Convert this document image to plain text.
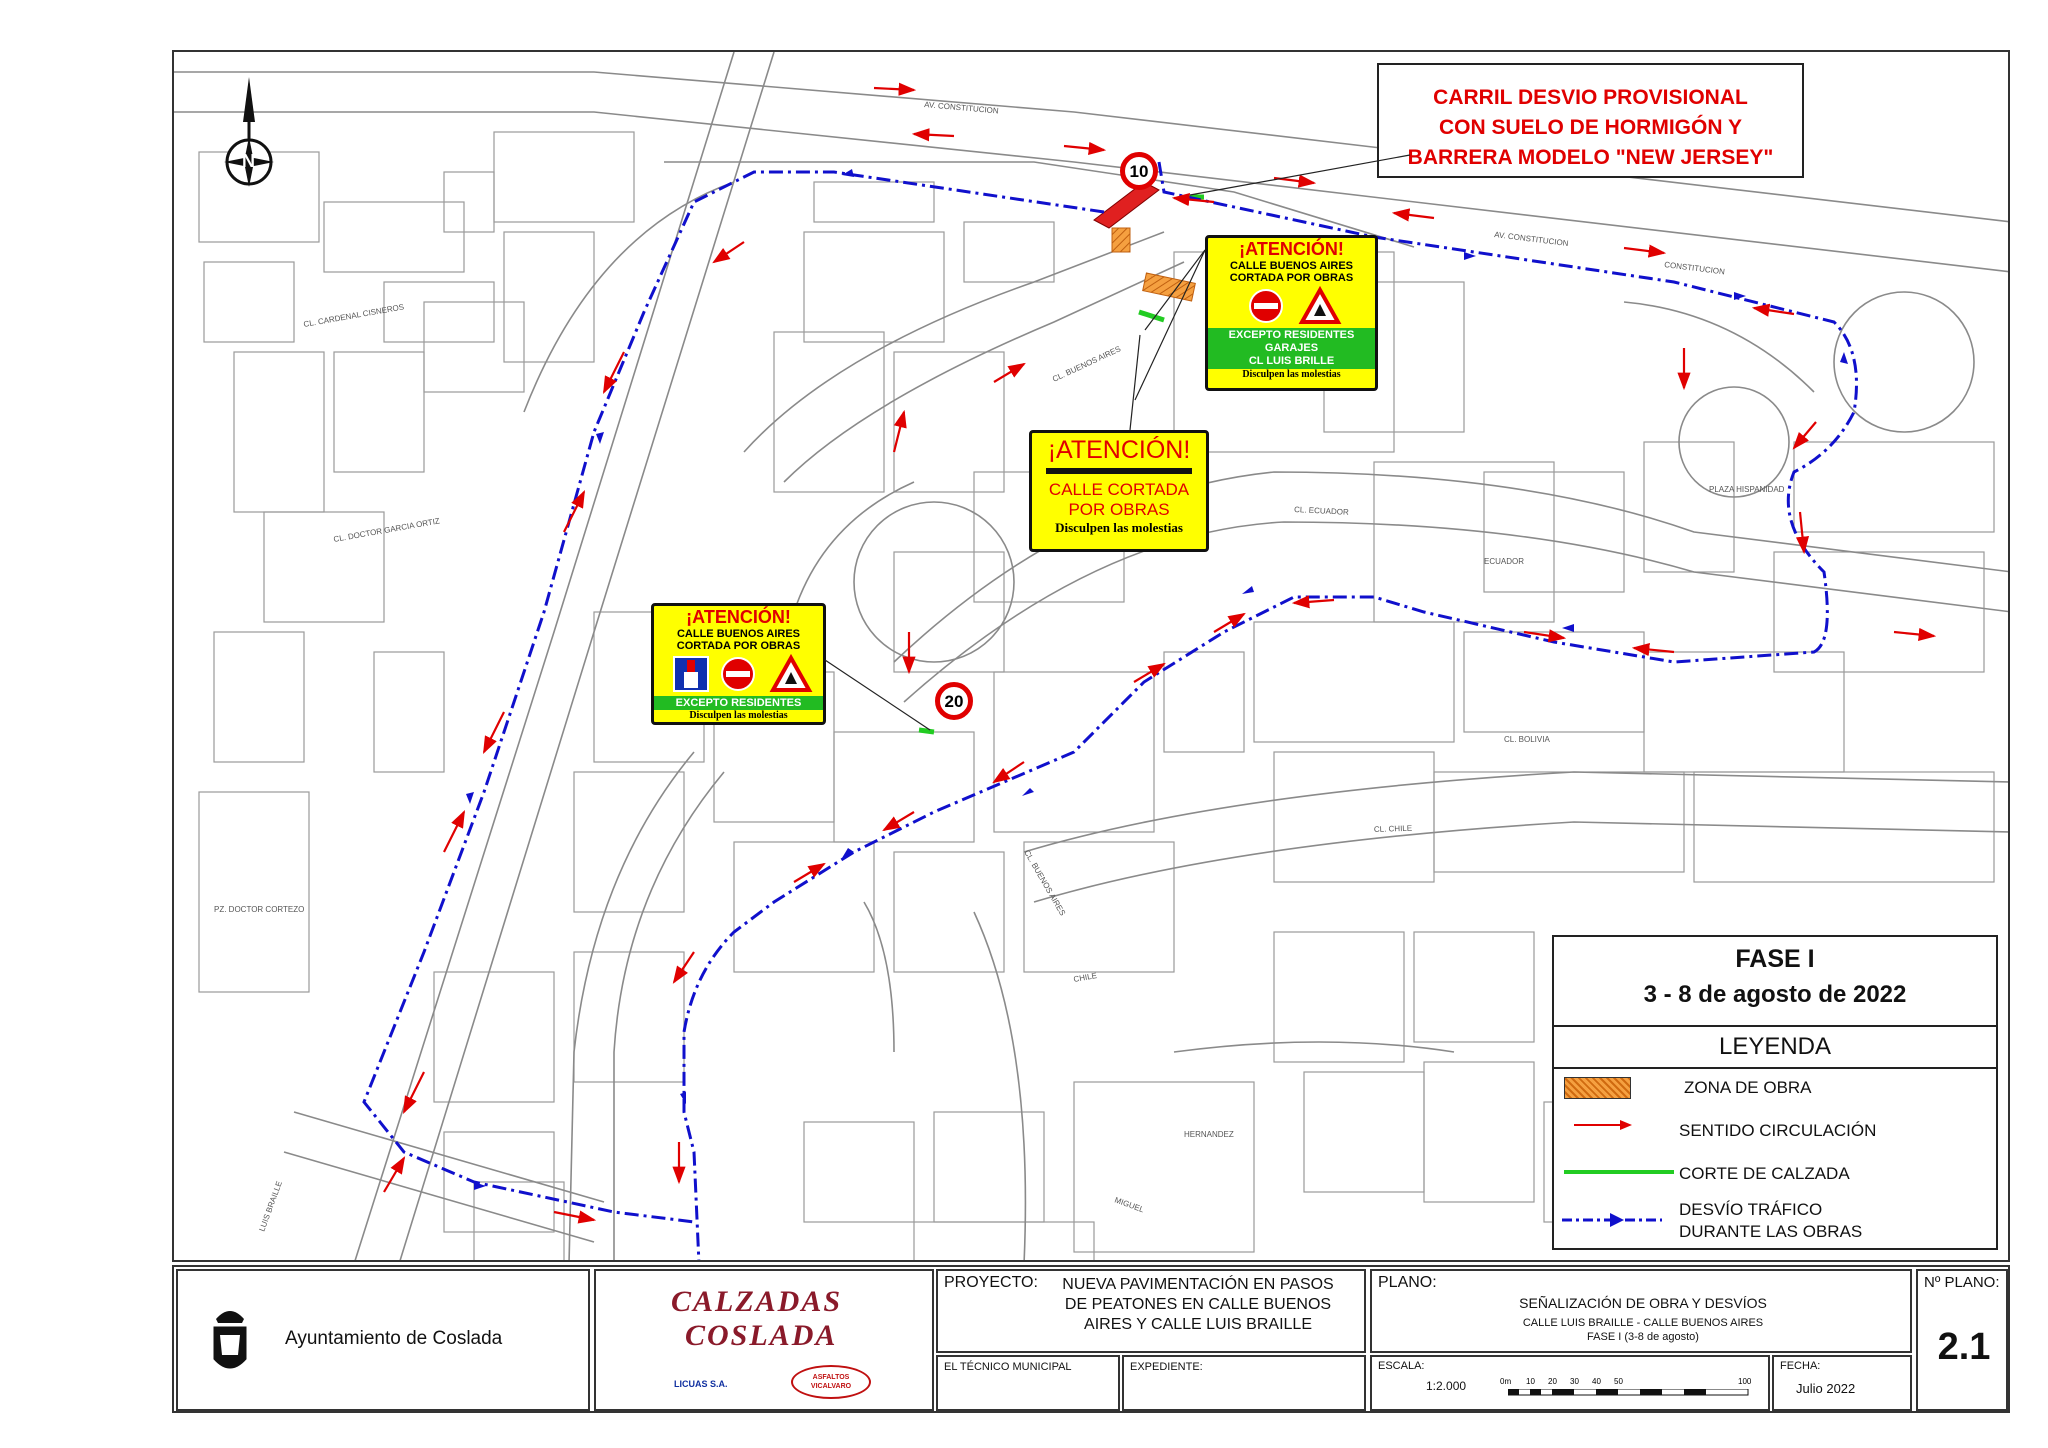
AV. CONSTITUCION
CONSTITUCION
AV. CONSTITUCION
CL. BUENOS AIRES
CL. ECUADOR
ECUADOR
CL. CHILE
CHILE
CL. BOLIVIA
HERNANDEZ
MIGUEL
CL. DOCTOR GARCIA ORTIZ
CL. CARDENAL CISNEROS
PLAZA HISPANIDAD
CL. BUENOS AIRES
PZ. DOCTOR CORTEZO
LUIS BRAILLE
N
CARRIL DESVIO PROVISIONAL
CON SUELO DE HORMIGÓN Y
BARRERA MODELO "NEW JERSEY"
10
20
¡ATENCIÓN!
CALLE BUENOS AIRES
CORTADA POR OBRAS
EXCEPTO RESIDENTES
GARAJES
CL LUIS BRILLE
Disculpen las molestias
¡ATENCIÓN!
CALLE CORTADA
POR OBRAS
Disculpen las molestias
¡ATENCIÓN!
CALLE BUENOS AIRES
CORTADA POR OBRAS
EXCEPTO RESIDENTES
Disculpen las molestias
FASE I
3 - 8 de agosto de 2022
LEYENDA
ZONA DE OBRA
SENTIDO CIRCULACIÓN
CORTE DE CALZADA
DESVÍO TRÁFICO
DURANTE LAS OBRAS
Ayuntamiento de Coslada
CALZADAS
COSLADA
LICUAS S.A.
ASFALTOS VICALVARO
PROYECTO:	NUEVA PAVIMENTACIÓN EN PASOS
DE PEATONES EN CALLE BUENOS
AIRES Y CALLE LUIS BRAILLE
EL TÉCNICO MUNICIPAL	EXPEDIENTE:
PLANO:
SEÑALIZACIÓN DE OBRA Y DESVÍOS
CALLE LUIS BRAILLE - CALLE BUENOS AIRES
FASE I (3-8 de agosto)
ESCALA:
1:2.000	0m 10 20 30 40 50	100
FECHA:
Julio 2022
Nº PLANO:
2.1
